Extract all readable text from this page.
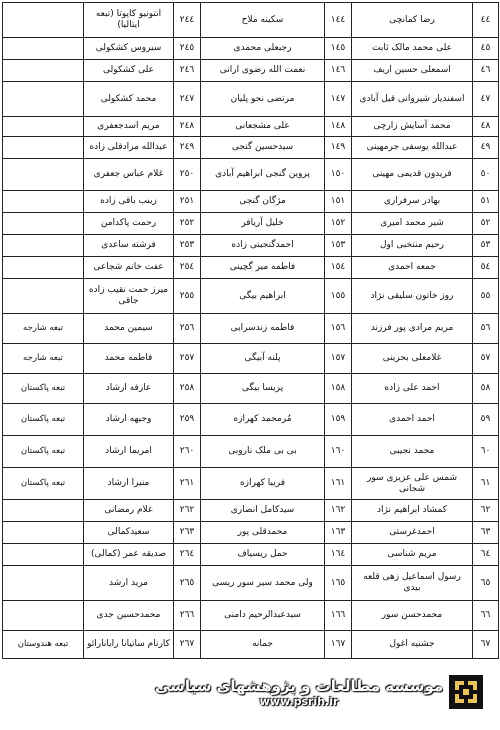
٤٤	رضا کمانچی	١٤٤	سکینه ملاح	٢٤٤	انتونیو کاپوتا (تبعه ایتالیا)	
٤٥	علی محمد مالک ثابت	١٤٥	رجبعلی محمدی	٢٤٥	سیروس کشکولی	
٤٦	اسمعلی حسین اریف	١٤٦	نعمت الله رضوی ارانی	٢٤٦	علی کشکولی	
٤٧	اسفندیار شیروانی قیل آبادی	١٤٧	مرتضی نحو پلیان	٢٤٧	محمد کشکولی	
٤٨	محمد آسایش زارچی	١٤٨	علی مشجعانی	٢٤٨	مریم اسدجعفری	
٤٩	عبدالله یوسفی جرمهینی	١٤٩	سیدحسین گنجی	٢٤٩	عبدالله مرادقلی زاده	
٥٠	فریدون قدیمی مهینی	١٥٠	پروین گنجی ابراهیم آبادی	٢٥٠	غلام عباس جعفری	
٥١	بهادر سرفرازی	١٥١	مژگان گنجی	٢٥١	زینب باقی زاده	
٥٢	شیر محمد امیری	١٥٢	خلیل آریافر	٢٥٢	رحمت پاکدامن	
٥٣	رحیم منتخبی اول	١٥٣	احمدگنجینی زاده	٢٥٣	فرشته ساعدی	
٥٤	جمعه احمدی	١٥٤	فاطمه میر گچینی	٢٥٤	عفت خانم شجاعی	
٥٥	روز خاتون سلیقی نژاد	١٥٥	ابراهیم بیگی	٢٥٥	میرز حمت نقیب زاده جاقی	
٥٦	مریم مرادی پور فرزند	١٥٦	فاطمه زندسرایی	٢٥٦	سیمین محمد	تبعه شارجه
٥٧	غلامعلی بحرینی	١٥٧	پلنه آبیگی	٢٥٧	فاطمه محمد	تبعه شارجه
٥٨	احمد علی زاده	١٥٨	پریسا بیگی	٢٥٨	عارفه ارشاد	تبعه پاکستان
٥٩	احمد احمدی	١٥٩	مُرمحمد کهرازه	٢٥٩	وجیهه ارشاد	تبعه پاکستان
٦٠	محمد نجیبی	١٦٠	بی بی ملک ناروبی	٢٦٠	امریما ارشاد	تبعه پاکستان
٦١	شمس علی عزیزی سور شجانی	١٦١	فریبا کهرازه	٢٦١	منیرا ارشاد	تبعه پاکستان
٦٢	کمشاد ابراهیم نژاد	١٦٢	سیدکامل انصاری	٢٦٢	غلام رمضانی	
٦٣	احمدغرستی	١٦٣	محمدقلی پور	٢٦٣	سعیدکمالی	
٦٤	مریم شناسی	١٦٤	حمل ریسیاف	٢٦٤	صدیقه عمر (کمالی)	
٦٥	رسول اسماعیل زهی قلعه بیدی	١٦٥	ولی محمد سیر سور ریسی	٢٦٥	مرید ارشد	
٦٦	محمدحسن سور	١٦٦	سیدعبدالرحیم دامنی	٢٦٦	محمدحسین جدی	
٦٧	جشنیه اغول	١٦٧	جمانه	٢٦٧	کارنام ساتیانا رایانارائو	تبعه هندوستان
موسسه مطالعات و پژوهشهای سیاسی
www.psrih.ir
